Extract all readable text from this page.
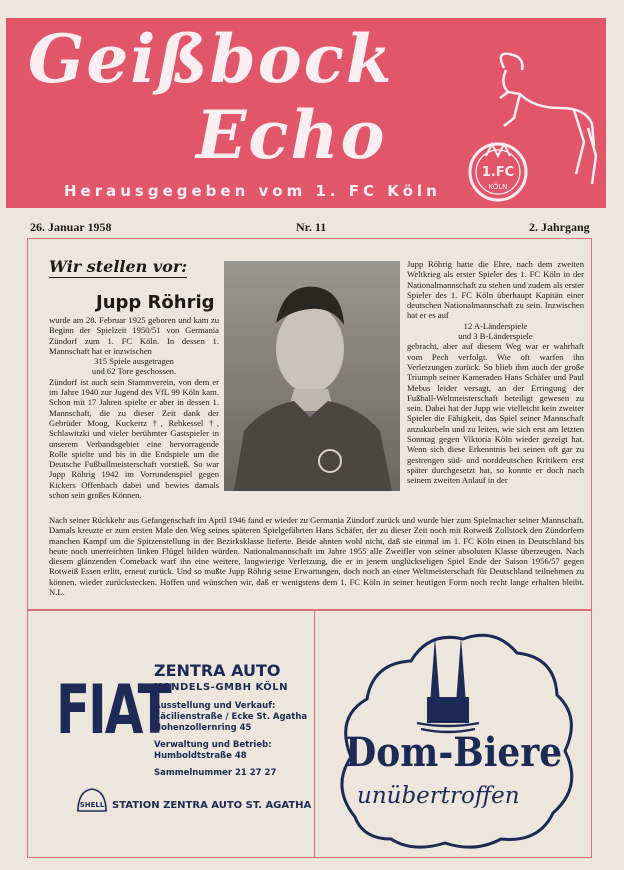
Geißbock
Echo
Herausgegeben vom 1. FC Köln
1.FC
KÖLN
26. Januar 1958	Nr. 11	2. Jahrgang
Wir stellen vor:
Jupp Röhrig

wurde am 28. Februar 1925 geboren und kam zu Beginn der Spielzeit 1950/51 von Germania Zündorf zum 1. FC Köln. In dessen 1. Mannschaft hat er inzwischen

315 Spiele ausgetragen

und 62 Tore geschossen.

Zündorf ist auch sein Stammverein, von dem er im Jahre 1940 zur Jugend des VfL 99 Köln kam. Schon mit 17 Jahren spielte er aber in dessen 1. Mannschaft, die zu dieser Zeit dank der Gebrüder Moog, Kuckertz †, Rehkessel †, Schlawitzki und vieler berühmter Gastspieler in unserem Verbandsgebiet eine hervorragende Rolle spielte und bis in die Endspiele um die Deutsche Fußballmeisterschaft vorstieß. So war Jupp Röhrig 1942 im Vorrundenspiel gegen Kickers Offenbach dabei und bewies damals schon sein großes Können.

Jupp Röhrig hatte die Ehre, nach dem zweiten Weltkrieg als erster Spieler des 1. FC Köln in der Nationalmannschaft zu stehen und zudem als erster Spieler des 1. FC Köln überhaupt Kapitän einer deutschen Nationalmannschaft zu sein. Inzwischen hat er es auf

12 A-Länderspiele

und 3 B-Länderspiele

gebracht, aber auf diesem Weg war er wahrhaft vom Pech verfolgt. Wie oft warfen ihn Verletzungen zurück. So blieb ihm auch der große Triumph seiner Kameraden Hans Schäfer und Paul Mebus leider versagt, an der Erringung der Fußball-Weltmeisterschaft beteiligt gewesen zu sein. Dabei hat der Jupp wie vielleicht kein zweiter Spieler die Fähigkeit, das Spiel seiner Mannschaft anzukurbeln und zu leiten, wie sich erst am letzten Sonntag gegen Viktoria Köln wieder gezeigt hat. Wenn sich diese Erkenntnis bei seinen oft gar zu gestrengen süd- und norddeutschen Kritikern erst später durchgesetzt hat, so konnte er doch nach seinem zweiten Anlauf in der

Nach seiner Rückkehr aus Gefangenschaft im April 1946 fand er wieder zu Germania Zündorf zurück und wurde hier zum Spielmacher seiner Mannschaft. Damals kreuzte er zum ersten Male den Weg seines späteren Spielgefährten Hans Schäfer, der zu dieser Zeit noch mit Rotweiß Zollstock den Zündorfern manchen Kampf um die Spitzenstellung in der Bezirksklasse lieferte. Beide ahnten wohl nicht, daß sie einmal im 1. FC Köln einen in Deutschland bis heute noch unerreichten linken Flügel bilden würden. Nationalmannschaft im Jahre 1955 alle Zweifler von seiner absoluten Klasse überzeugen. Nach diesem glänzenden Comeback warf ihn eine weitere, langwierige Verletzung, die er in jenem unglückseligen Spiel Ende der Saison 1956/57 gegen Rotweiß Essen erlitt, erneut zurück. Und so mußte Jupp Röhrig seine Erwartungen, doch noch an einer Weltmeisterschaft für Deutschland teilnehmen zu können, wieder zurückstecken. Hoffen und wünschen wir, daß er wenigstens dem 1. FC Köln in seiner heutigen Form noch recht lange erhalten bleibt. N.L.

FIAT
ZENTRA AUTO
HANDELS-GMBH KÖLN
Ausstellung und Verkauf:
Cäcilienstraße / Ecke St. Agatha
Hohenzollernring 45
Verwaltung und Betrieb:
Humboldtstraße 48
Sammelnummer 21 27 27
SHELL STATION ZENTRA AUTO ST. AGATHA
Dom-Biere
unübertroffen
